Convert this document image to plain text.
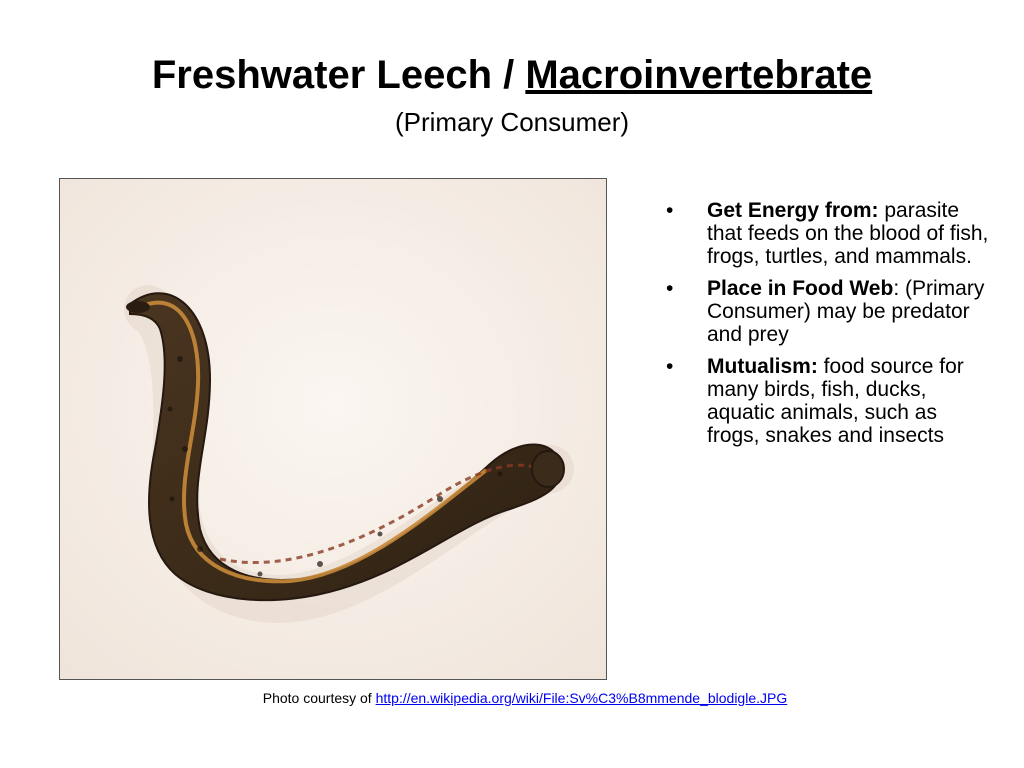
Freshwater Leech / Macroinvertebrate
(Primary Consumer)
• Get Energy from: parasite that feeds on the blood of fish, frogs, turtles, and mammals.
• Place in Food Web: (Primary Consumer) may be predator and prey
• Mutualism: food source for many birds, fish, ducks, aquatic animals, such as frogs, snakes and insects
Photo courtesy of http://en.wikipedia.org/wiki/File:Sv%C3%B8mmende_blodigle.JPG
